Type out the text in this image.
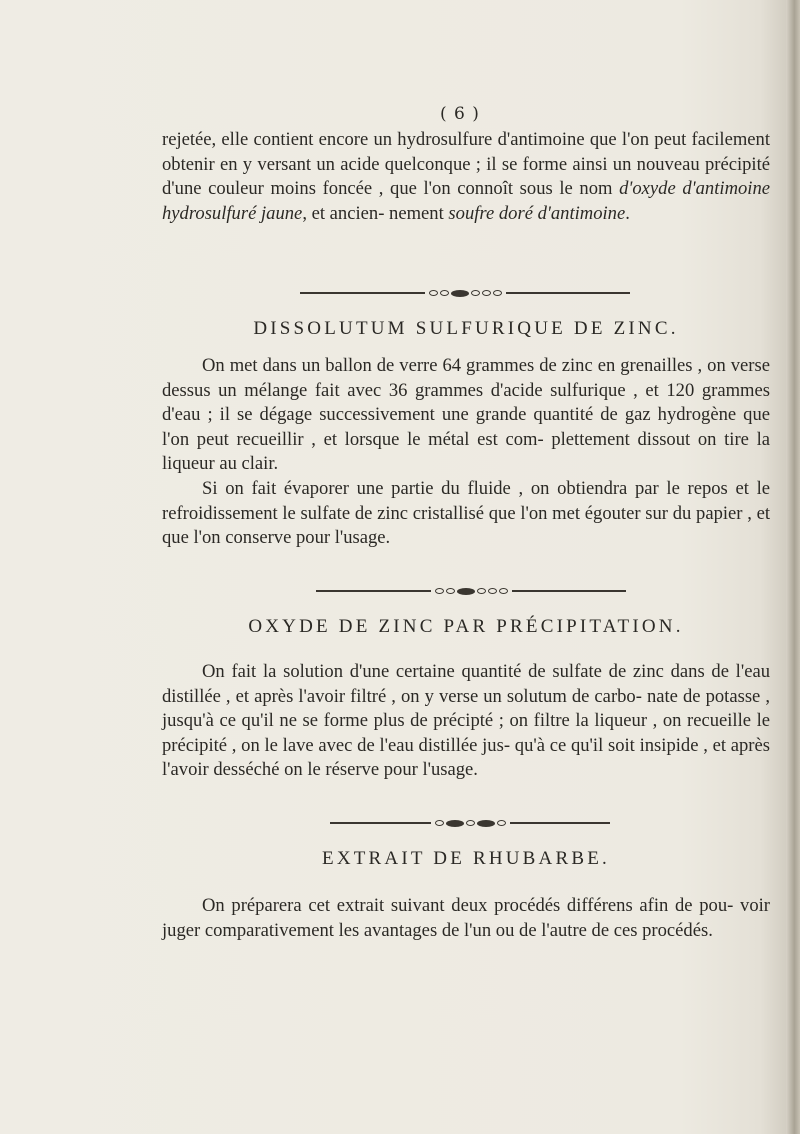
( 6 )

rejetée, elle contient encore un hydrosulfure d'antimoine que l'on peut facilement obtenir en y versant un acide quelconque ; il se forme ainsi un nouveau précipité d'une couleur moins foncée , que l'on connoît sous le nom d'oxyde d'antimoine hydrosulfuré jaune, et ancien- nement soufre doré d'antimoine.

DISSOLUTUM SULFURIQUE DE ZINC.

On met dans un ballon de verre 64 grammes de zinc en grenailles , on verse dessus un mélange fait avec 36 grammes d'acide sulfurique , et 120 grammes d'eau ; il se dégage successivement une grande quantité de gaz hydrogène que l'on peut recueillir , et lorsque le métal est com- plettement dissout on tire la liqueur au clair.

Si on fait évaporer une partie du fluide , on obtiendra par le repos et le refroidissement le sulfate de zinc cristallisé que l'on met égouter sur du papier , et que l'on conserve pour l'usage.

OXYDE DE ZINC PAR PRÉCIPITATION.

On fait la solution d'une certaine quantité de sulfate de zinc dans de l'eau distillée , et après l'avoir filtré , on y verse un solutum de carbo- nate de potasse , jusqu'à ce qu'il ne se forme plus de précipté ; on filtre la liqueur , on recueille le précipité , on le lave avec de l'eau distillée jus- qu'à ce qu'il soit insipide , et après l'avoir desséché on le réserve pour l'usage.

EXTRAIT DE RHUBARBE.

On préparera cet extrait suivant deux procédés différens afin de pou- voir juger comparativement les avantages de l'un ou de l'autre de ces procédés.
